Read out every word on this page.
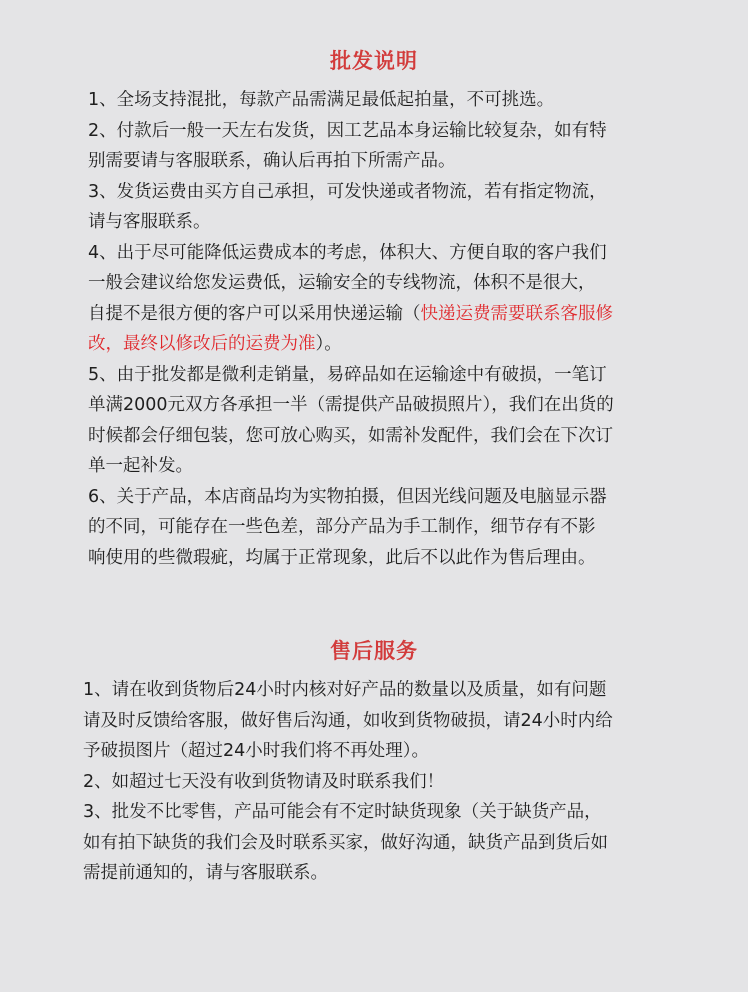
批发说明

1、全场支持混批，每款产品需满足最低起拍量，不可挑选。

2、付款后一般一天左右发货，因工艺品本身运输比较复杂，如有特
别需要请与客服联系，确认后再拍下所需产品。

3、发货运费由买方自己承担，可发快递或者物流，若有指定物流，
请与客服联系。

4、出于尽可能降低运费成本的考虑，体积大、方便自取的客户我们
一般会建议给您发运费低，运输安全的专线物流，体积不是很大，
自提不是很方便的客户可以采用快递运输（快递运费需要联系客服修
改，最终以修改后的运费为准）。

5、由于批发都是微利走销量，易碎品如在运输途中有破损，一笔订
单满2000元双方各承担一半（需提供产品破损照片），我们在出货的
时候都会仔细包装，您可放心购买，如需补发配件，我们会在下次订
单一起补发。

6、关于产品，本店商品均为实物拍摄，但因光线问题及电脑显示器
的不同，可能存在一些色差，部分产品为手工制作，细节存有不影
响使用的些微瑕疵，均属于正常现象，此后不以此作为售后理由。

售后服务

1、请在收到货物后24小时内核对好产品的数量以及质量，如有问题
请及时反馈给客服，做好售后沟通，如收到货物破损，请24小时内给
予破损图片（超过24小时我们将不再处理）。

2、如超过七天没有收到货物请及时联系我们！

3、批发不比零售，产品可能会有不定时缺货现象（关于缺货产品，
如有拍下缺货的我们会及时联系买家，做好沟通，缺货产品到货后如
需提前通知的，请与客服联系。
